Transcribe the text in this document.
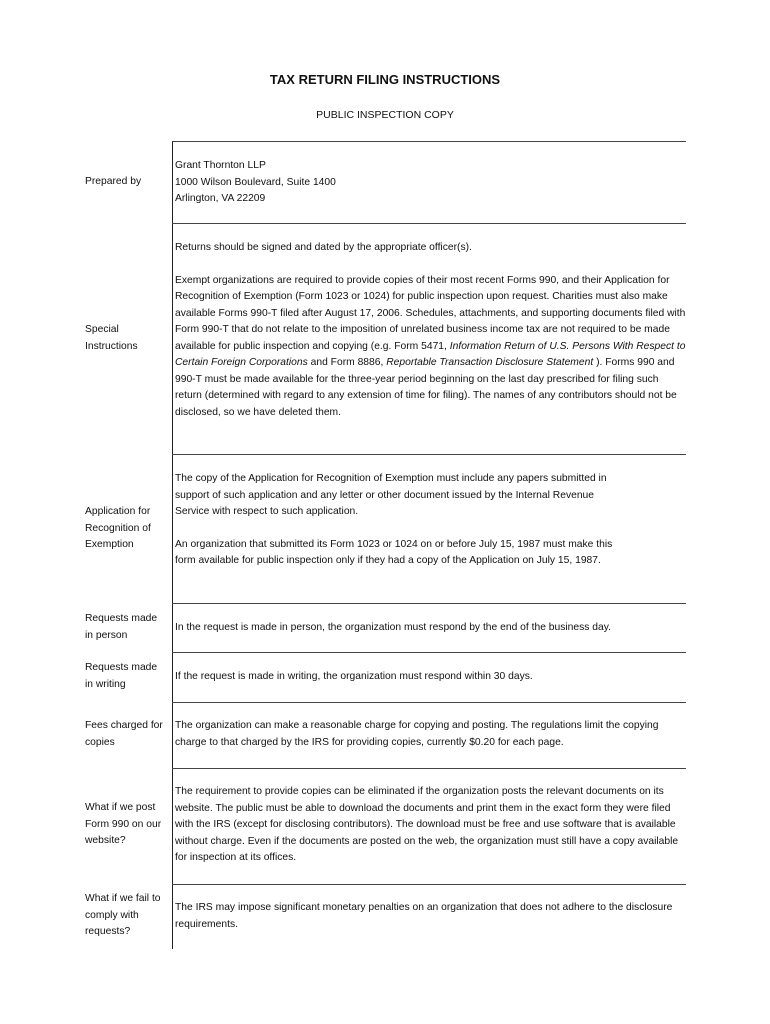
TAX RETURN FILING INSTRUCTIONS
PUBLIC INSPECTION COPY
Prepared by

Grant Thornton LLP

1000 Wilson Boulevard, Suite 1400

Arlington, VA 22209

Special
Instructions

Returns should be signed and dated by the appropriate officer(s).

Exempt organizations are required to provide copies of their most recent Forms 990, and their Application for Recognition of Exemption (Form 1023 or 1024) for public inspection upon request. Charities must also make available Forms 990-T filed after August 17, 2006. Schedules, attachments, and supporting documents filed with Form 990-T that do not relate to the imposition of unrelated business income tax are not required to be made available for public inspection and copying (e.g. Form 5471, Information Return of U.S. Persons With Respect to Certain Foreign Corporations and Form 8886, Reportable Transaction Disclosure Statement ). Forms 990 and 990-T must be made available for the three-year period beginning on the last day prescribed for filing such return (determined with regard to any extension of time for filing). The names of any contributors should not be disclosed, so we have deleted them.

Application for
Recognition of
Exemption

The copy of the Application for Recognition of Exemption must include any papers submitted in support of such application and any letter or other document issued by the Internal Revenue Service with respect to such application.

An organization that submitted its Form 1023 or 1024 on or before July 15, 1987 must make this form available for public inspection only if they had a copy of the Application on July 15, 1987.

Requests made
in person
In the request is made in person, the organization must respond by the end of the business day.
Requests made
in writing
If the request is made in writing, the organization must respond within 30 days.
Fees charged for
copies
The organization can make a reasonable charge for copying and posting. The regulations limit the copying charge to that charged by the IRS for providing copies, currently $0.20 for each page.
What if we post
Form 990 on our
website?
The requirement to provide copies can be eliminated if the organization posts the relevant documents on its website. The public must be able to download the documents and print them in the exact form they were filed with the IRS (except for disclosing contributors). The download must be free and use software that is available without charge. Even if the documents are posted on the web, the organization must still have a copy available for inspection at its offices.
What if we fail to
comply with
requests?
The IRS may impose significant monetary penalties on an organization that does not adhere to the disclosure requirements.
